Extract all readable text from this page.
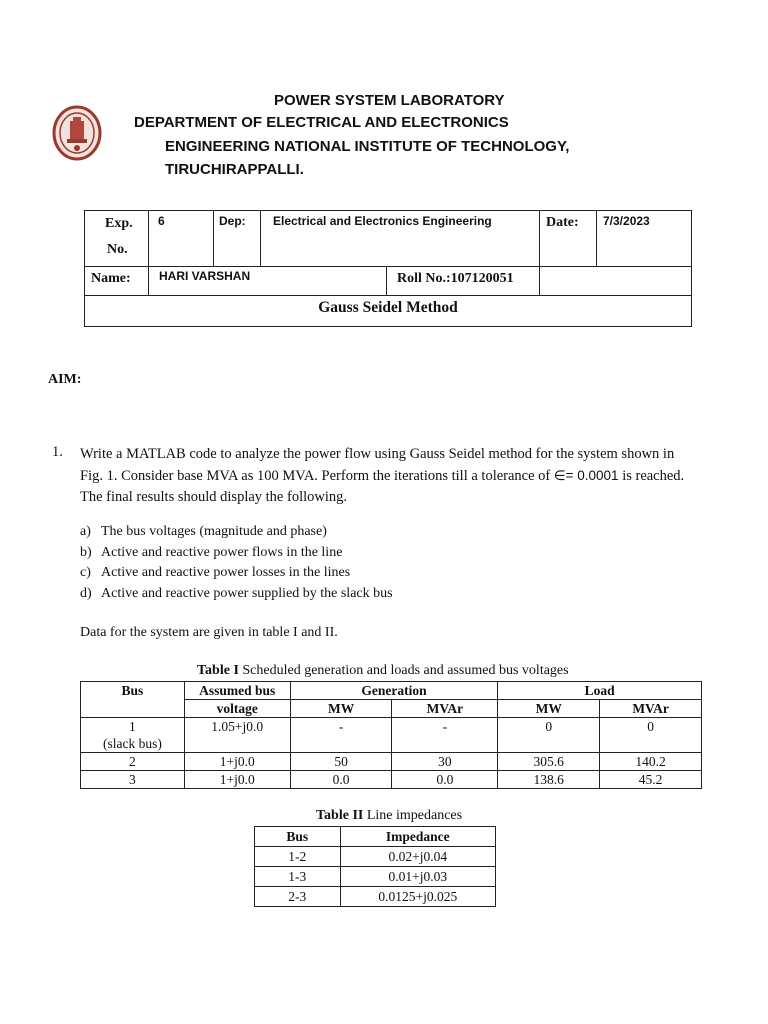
POWER SYSTEM LABORATORY
DEPARTMENT OF ELECTRICAL AND ELECTRONICS
ENGINEERING NATIONAL INSTITUTE OF TECHNOLOGY,
TIRUCHIRAPPALLI.
Exp.
No.
6	Dep: Electrical and Electronics Engineering	Date: 7/3/2023
Name: HARI VARSHAN	Roll No.:107120051
Gauss Seidel Method
AIM:
1. Write a MATLAB code to analyze the power flow using Gauss Seidel method for the system shown in
Fig. 1. Consider base MVA as 100 MVA. Perform the iterations till a tolerance of ∈= 0.0001 is reached.
The final results should display the following.
a) The bus voltages (magnitude and phase)
b) Active and reactive power flows in the line
c) Active and reactive power losses in the lines
d) Active and reactive power supplied by the slack bus
Data for the system are given in table I and II.
Table I Scheduled generation and loads and assumed bus voltages
Bus	Assumed bus	Generation		Load	
	voltage	MW	MVAr	MW	MVAr

1
(slack bus)	1.05+j0.0	-	-	0	0
2	1+j0.0	50	30	305.6	140.2
3	1+j0.0	0.0	0.0	138.6	45.2
Table II Line impedances
Bus	Impedance
1-2	0.02+j0.04
1-3	0.01+j0.03
2-3	0.0125+j0.025
